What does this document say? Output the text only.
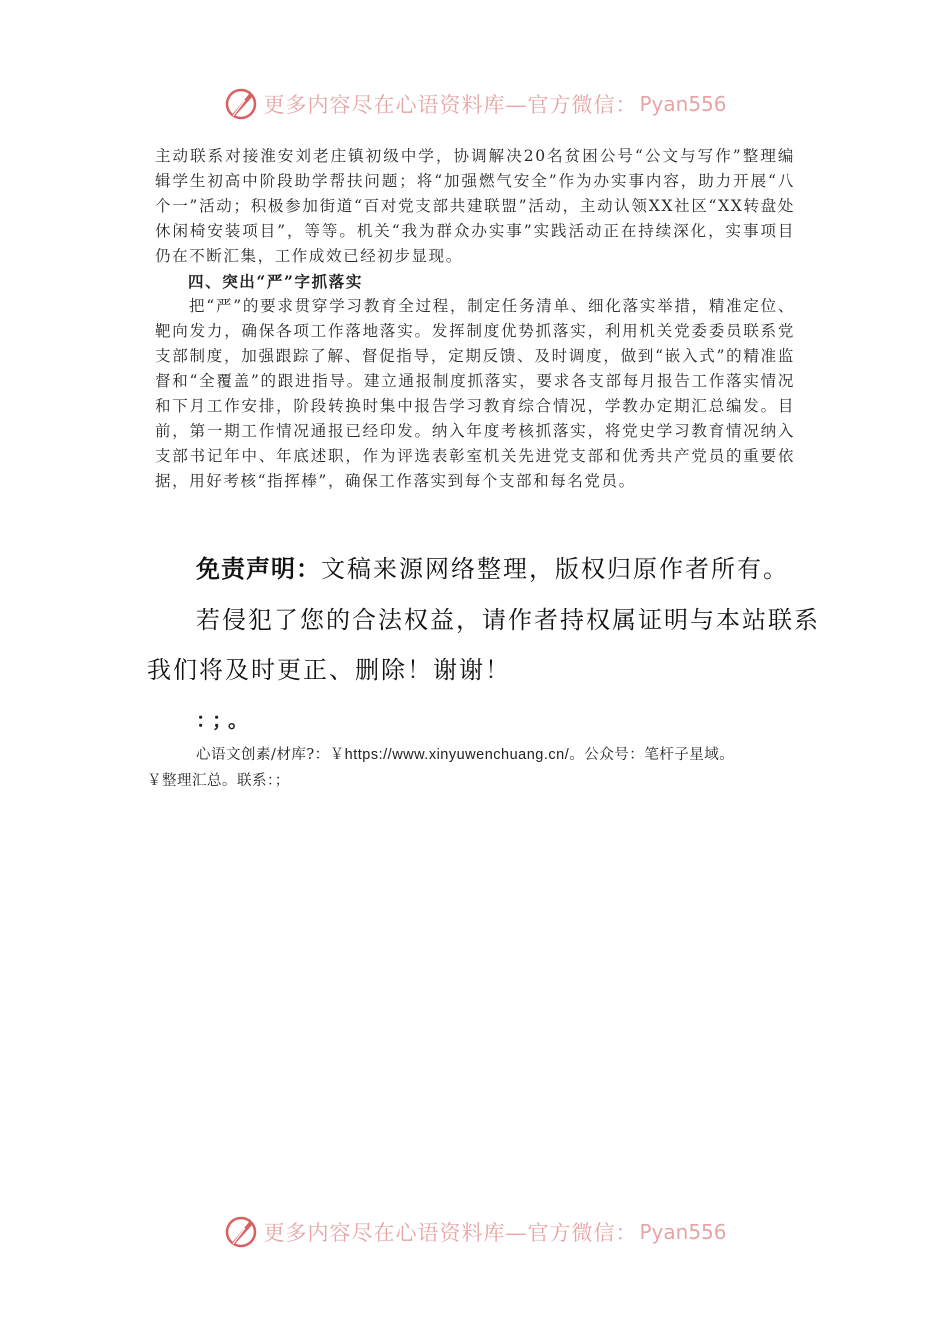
更多内容尽在心语资料库—官方微信： Pyan556
主动联系对接淮安刘老庄镇初级中学，协调解决20名贫困公号“公文与写作”整理编辑学生初高中阶段助学帮扶问题；将“加强燃气安全”作为办实事内容，助力开展“八个一”活动；积极参加街道“百对党支部共建联盟”活动，主动认领XX社区“XX转盘处休闲椅安装项目”，等等。机关“我为群众办实事”实践活动正在持续深化，实事项目仍在不断汇集，工作成效已经初步显现。
四、突出“严”字抓落实
把“严”的要求贯穿学习教育全过程，制定任务清单、细化落实举措，精准定位、靶向发力，确保各项工作落地落实。发挥制度优势抓落实，利用机关党委委员联系党支部制度，加强跟踪了解、督促指导，定期反馈、及时调度，做到“嵌入式”的精准监督和“全覆盖”的跟进指导。建立通报制度抓落实，要求各支部每月报告工作落实情况和下月工作安排，阶段转换时集中报告学习教育综合情况，学教办定期汇总编发。目前，第一期工作情况通报已经印发。纳入年度考核抓落实，将党史学习教育情况纳入支部书记年中、年底述职，作为评选表彰室机关先进党支部和优秀共产党员的重要依据，用好考核“指挥棒”，确保工作落实到每个支部和每名党员。
免责声明：文稿来源网络整理，版权归原作者所有。
若侵犯了您的合法权益，请作者持权属证明与本站联系
我们将及时更正、删除！谢谢！
：；。
心语文创素/材库?：￥https://www.xinyuwenchuang.cn/。公众号：笔杆子星域。
￥整理汇总。联系：；
更多内容尽在心语资料库—官方微信： Pyan556
